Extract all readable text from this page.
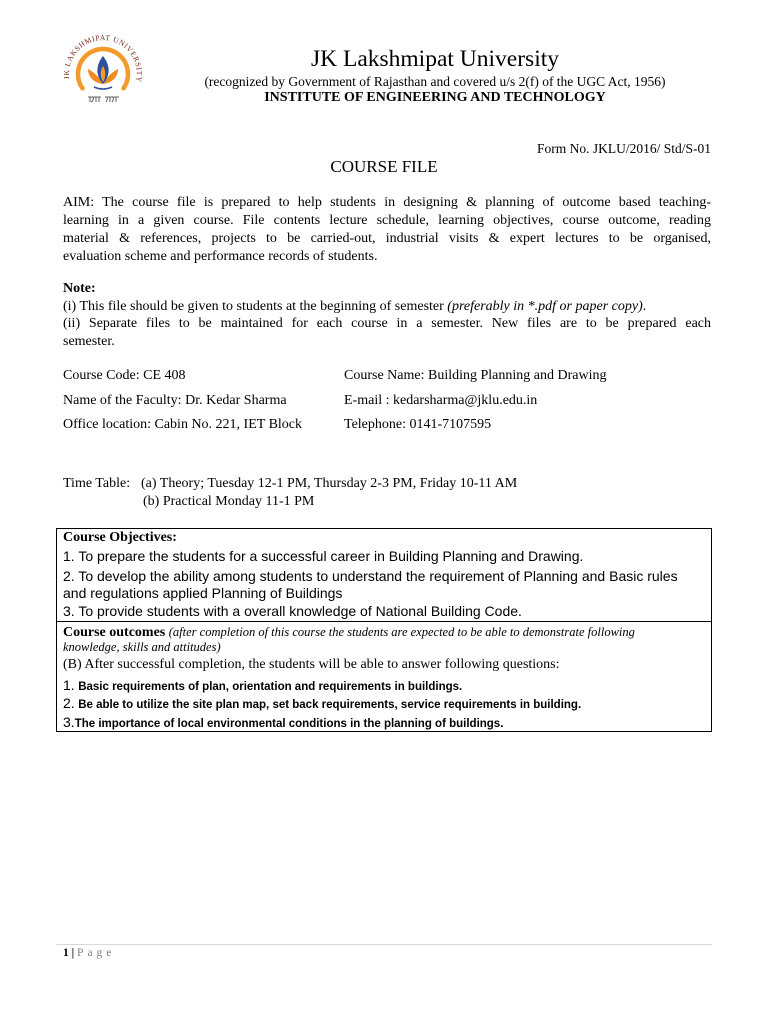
JK LAKSHMIPAT UNIVERSITY
JK Lakshmipat University
(recognized by Government of Rajasthan and covered u/s 2(f) of the UGC Act, 1956)
INSTITUTE OF ENGINEERING AND TECHNOLOGY
Form No. JKLU/2016/ Std/S-01
COURSE FILE
AIM: The course file is prepared to help students in designing & planning of outcome based teaching-
learning in a given course. File contents lecture schedule, learning objectives, course outcome, reading
material & references, projects to be carried-out, industrial visits & expert lectures to be organised,
evaluation scheme and performance records of students.
Note:
(i) This file should be given to students at the beginning of semester (preferably in *.pdf or paper copy).
(ii) Separate files to be maintained for each course in a semester. New files are to be prepared each
semester.
Course Code: CE 408	Course Name: Building Planning and Drawing
Name of the Faculty: Dr. Kedar Sharma	E-mail : kedarsharma@jklu.edu.in
Office location: Cabin No. 221, IET Block	Telephone: 0141-7107595
Time Table: (a) Theory; Tuesday 12-1 PM, Thursday 2-3 PM, Friday 10-11 AM
(b) Practical Monday 11-1 PM
Course Objectives:
1. To prepare the students for a successful career in Building Planning and Drawing.
2. To develop the ability among students to understand the requirement of Planning and Basic rules
and regulations applied Planning of Buildings
3. To provide students with a overall knowledge of National Building Code.
Course outcomes (after completion of this course the students are expected to be able to demonstrate following
knowledge, skills and attitudes)
(B) After successful completion, the students will be able to answer following questions:
1. Basic requirements of plan, orientation and requirements in buildings.
2. Be able to utilize the site plan map, set back requirements, service requirements in building.
3.The importance of local environmental conditions in the planning of buildings.
1 | Page
